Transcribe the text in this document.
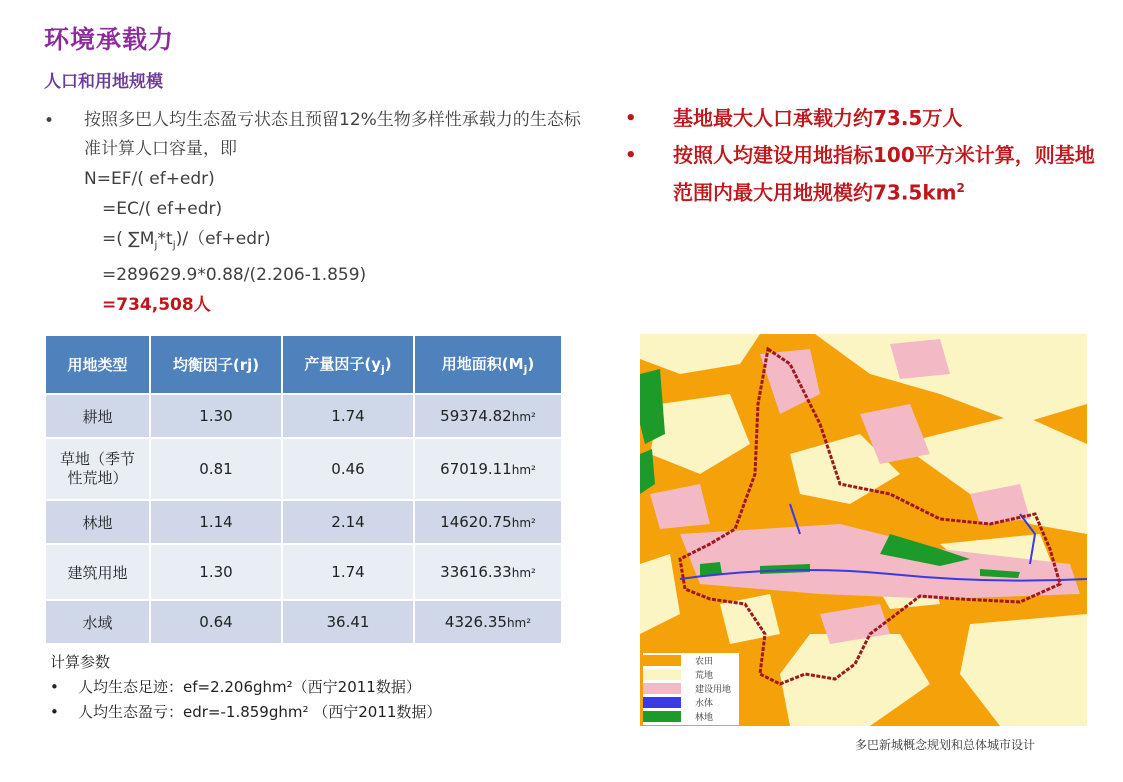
环境承载力
人口和用地规模
• 按照多巴人均生态盈亏状态且预留12%生物多样性承载力的生态标准计算人口容量，即
N=EF/( ef+edr)
=EC/( ef+edr)
=( $\sum M_j*t_j)/(ef+edr)$
=289629.9*0.88/(2.206-1.859)
=734,508人
• 基地最大人口承载力约73.5万人
• 按照人均建设用地指标100平方米计算，则基地范围内最大用地规模约$73.5km^2$
用地类型	均衡因子(rj)	产量因子$(y_j)$	用地面积$(M_j)$
耕地	1.30	1.74	59374.82hm²
草地（季节性荒地）	0.81	0.46	67019.11hm²
林地	1.14	2.14	14620.75hm²
建筑用地	1.30	1.74	33616.33hm²
水域	0.64	36.41	4326.35hm²
计算参数
• 人均生态足迹：ef=2.206ghm²（西宁2011数据）
• 人均生态盈亏：edr=-1.859ghm² （西宁2011数据）
农田
荒地
建设用地
水体
林地
多巴新城概念规划和总体城市设计
